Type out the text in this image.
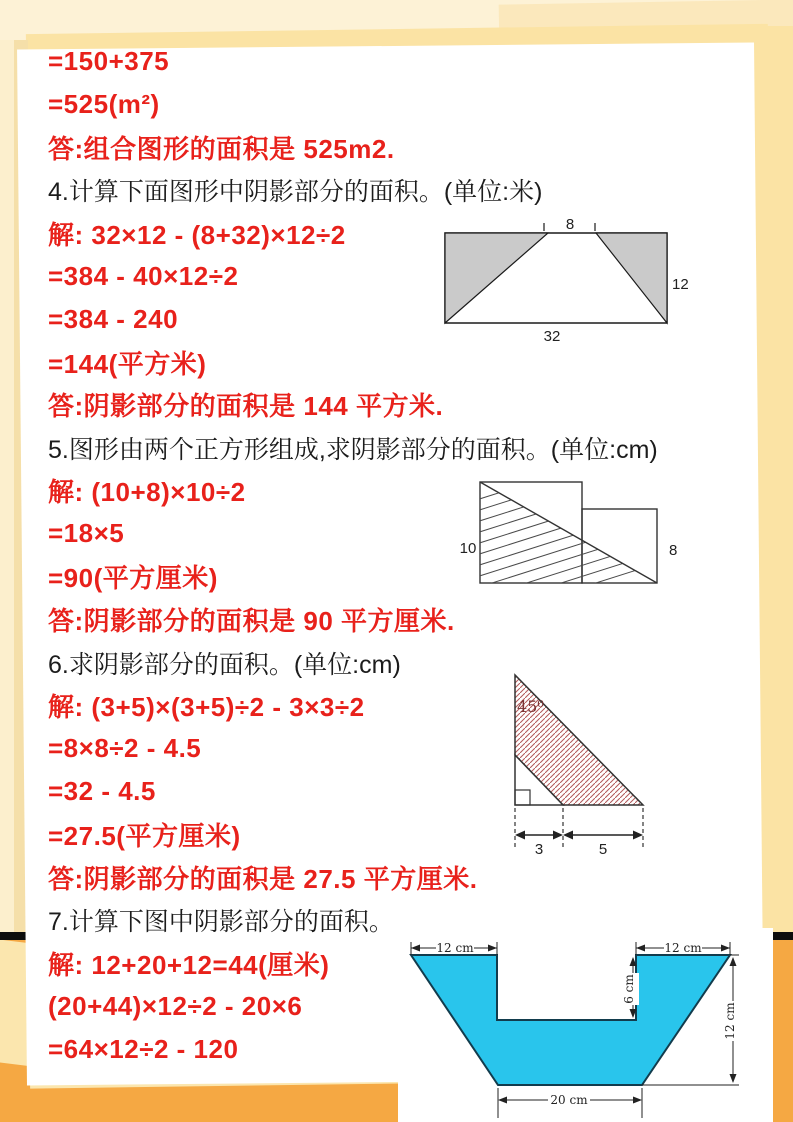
=150+375
=525(m²)
答:组合图形的面积是 525m2.
4.计算下面图形中阴影部分的面积。(单位:米)
解: 32×12 - (8+32)×12÷2
=384 - 40×12÷2
=384 - 240
=144(平方米)
答:阴影部分的面积是 144 平方米.
5.图形由两个正方形组成,求阴影部分的面积。(单位:cm)
解: (10+8)×10÷2
=18×5
=90(平方厘米)
答:阴影部分的面积是 90 平方厘米.
6.求阴影部分的面积。(单位:cm)
解: (3+5)×(3+5)÷2 - 3×3÷2
=8×8÷2 - 4.5
=32 - 4.5
=27.5(平方厘米)
答:阴影部分的面积是 27.5 平方厘米.
7.计算下图中阴影部分的面积。
解: 12+20+12=44(厘米)
(20+44)×12÷2 - 20×6
=64×12÷2 - 120
8
12
32
10	8
45⁰
3	5
12 cm	12 cm
6 cm
12 cm
20 cm
